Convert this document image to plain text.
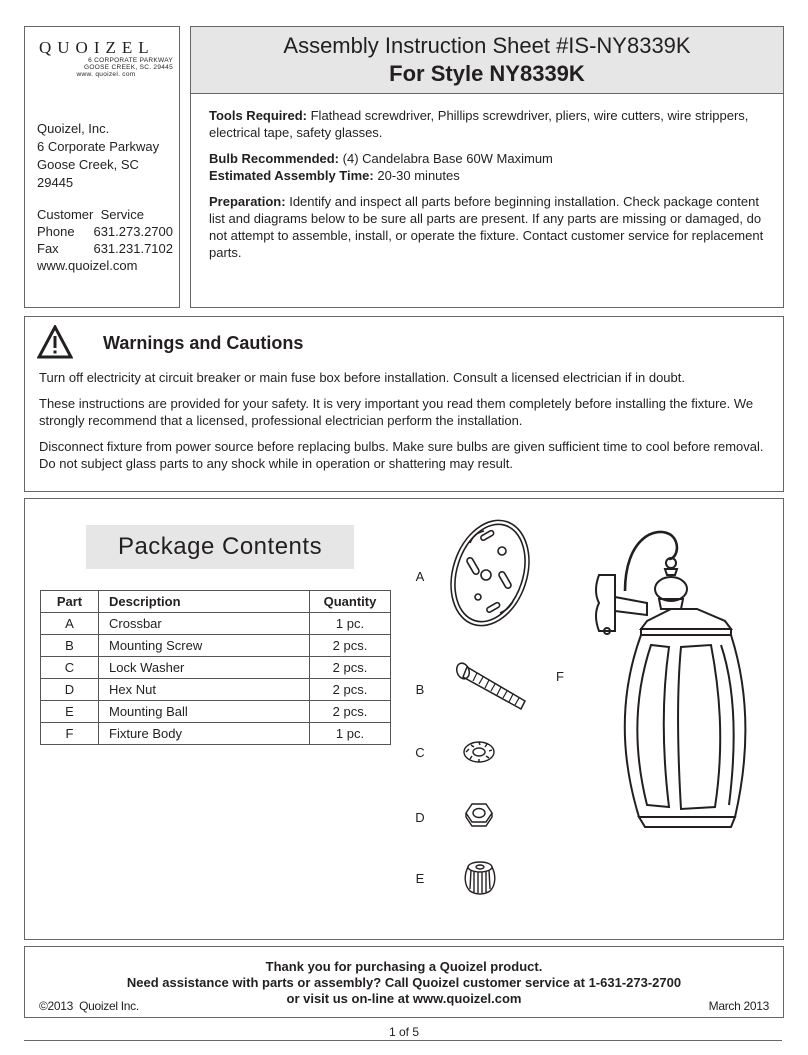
QUOIZEL
6 CORPORATE PARKWAY
GOOSE CREEK, SC. 29445
www. quoizel. com
Quoizel, Inc.
6 Corporate Parkway
Goose Creek, SC
29445
Customer  Service
Phone 631.273.2700
Fax	631.231.7102
www.quoizel.com
Assembly Instruction Sheet #IS-NY8339K
For Style NY8339K

Tools Required: Flathead screwdriver, Phillips screwdriver, pliers, wire cutters, wire strippers, electrical tape, safety glasses.

Bulb Recommended: (4) Candelabra Base 60W Maximum

Estimated Assembly Time: 20-30 minutes

Preparation: Identify and inspect all parts before beginning installation. Check package content list and diagrams below to be sure all parts are present. If any parts are missing or damaged, do not attempt to assemble, install, or operate the fixture. Contact customer service for replacement parts.

Warnings and Cautions

Turn off electricity at circuit breaker or main fuse box before installation. Consult a licensed electrician if in doubt.

These instructions are provided for your safety. It is very important you read them completely before installing the fixture. We strongly recommend that a licensed, professional electrician perform the installation.

Disconnect fixture from power source before replacing bulbs. Make sure bulbs are given sufficient time to cool before removal. Do not subject glass parts to any shock while in operation or shattering may result.

Package Contents
Part	Description	Quantity
A	Crossbar	1 pc.
B	Mounting Screw	2 pcs.
C	Lock Washer	2 pcs.
D	Hex Nut	2 pcs.
E	Mounting Ball	2 pcs.
F	Fixture Body	1 pc.
A
B
C
D
E
F
Thank you for purchasing a Quoizel product.
Need assistance with parts or assembly? Call Quoizel customer service at 1-631-273-2700
or visit us on-line at www.quoizel.com
©2013  Quoizel Inc.	March 2013
1 of 5
